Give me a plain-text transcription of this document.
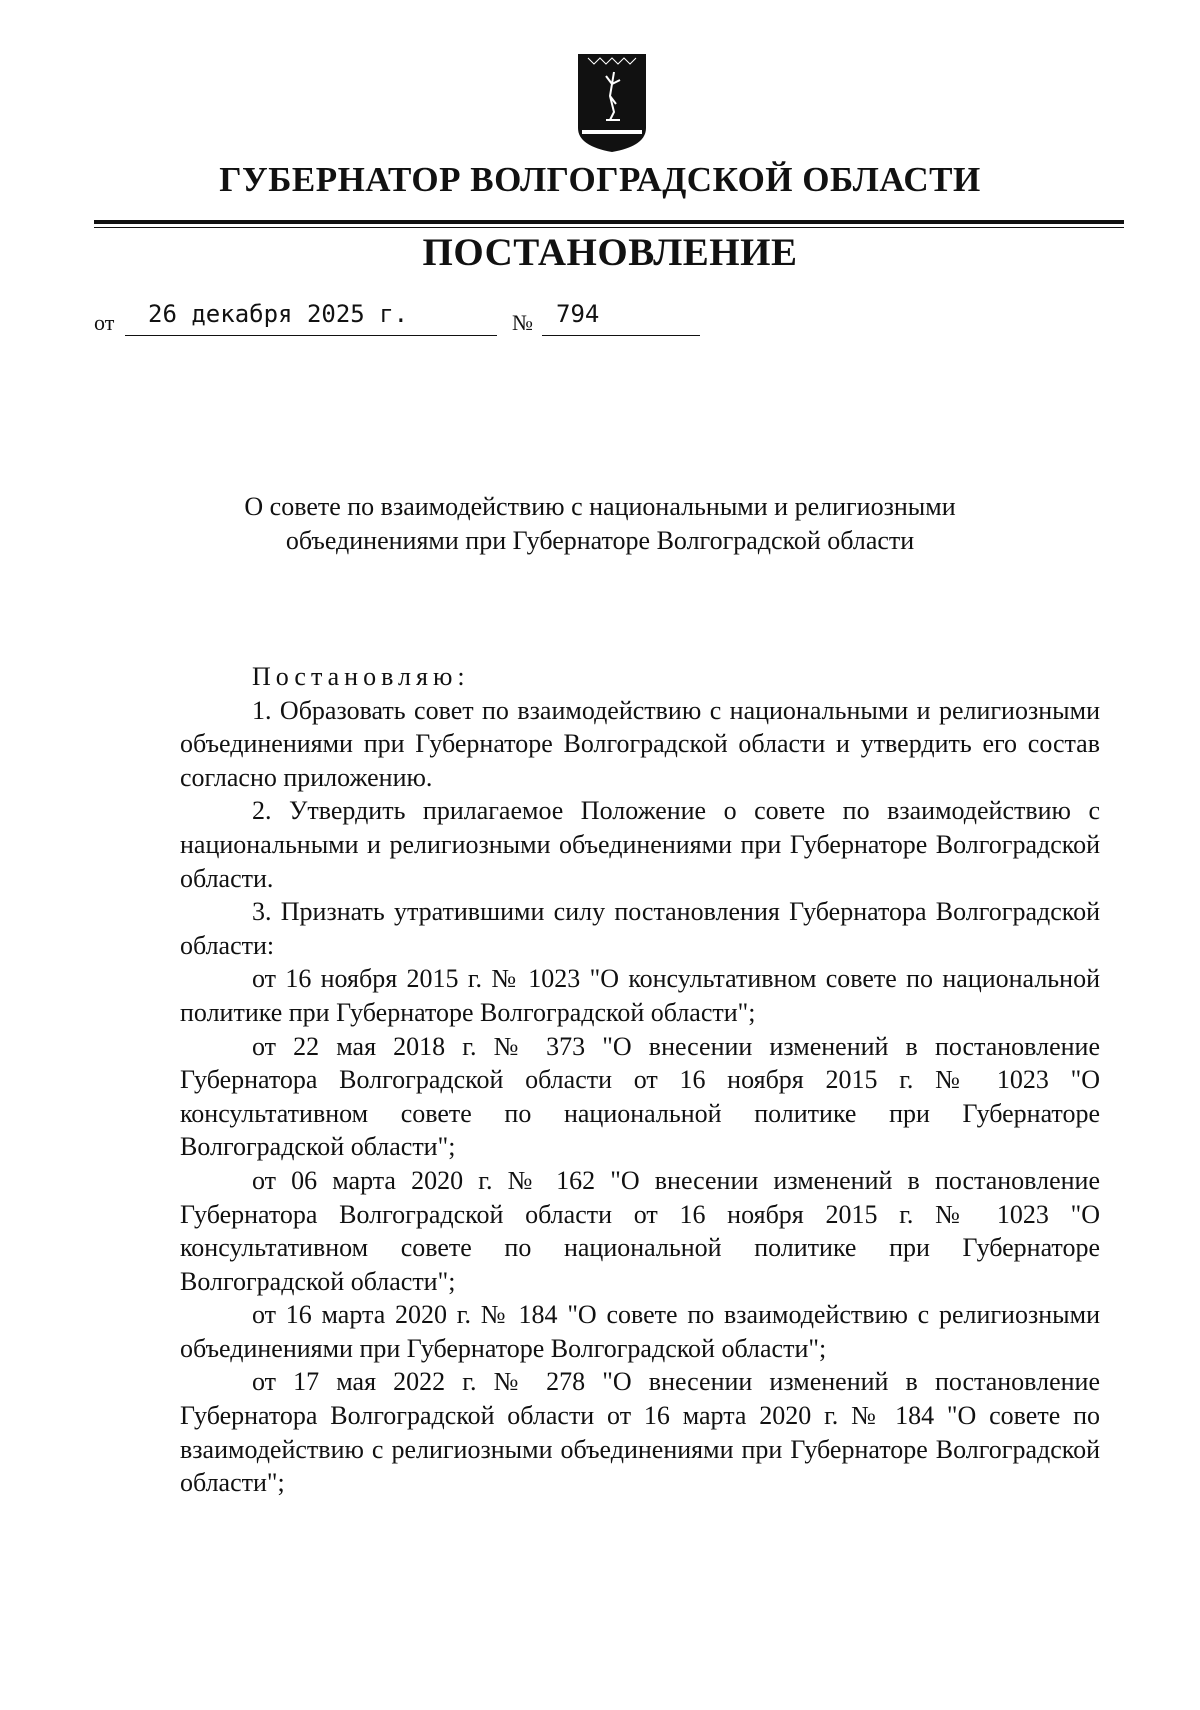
ГУБЕРНАТОР ВОЛГОГРАДСКОЙ ОБЛАСТИ
ПОСТАНОВЛЕНИЕ
от 26 декабря 2025 г.	№ 794
О совете по взаимодействию с национальными и религиозными
объединениями при Губернаторе Волгоградской области

Постановляю:

1. Образовать совет по взаимодействию с национальными и религиозными объединениями при Губернаторе Волгоградской области и утвердить его состав согласно приложению.

2. Утвердить прилагаемое Положение о совете по взаимодействию с национальными и религиозными объединениями при Губернаторе Волгоградской области.

3. Признать утратившими силу постановления Губернатора Волгоградской области:

от 16 ноября 2015 г. № 1023 "О консультативном совете по национальной политике при Губернаторе Волгоградской области";

от 22 мая 2018 г. № 373 "О внесении изменений в постановление Губернатора Волгоградской области от 16 ноября 2015 г. № 1023 "О консультативном совете по национальной политике при Губернаторе Волгоградской области";

от 06 марта 2020 г. № 162 "О внесении изменений в постановление Губернатора Волгоградской области от 16 ноября 2015 г. № 1023 "О консультативном совете по национальной политике при Губернаторе Волгоградской области";

от 16 марта 2020 г. № 184 "О совете по взаимодействию с религиозными объединениями при Губернаторе Волгоградской области";

от 17 мая 2022 г. № 278 "О внесении изменений в постановление Губернатора Волгоградской области от 16 марта 2020 г. № 184 "О совете по взаимодействию с религиозными объединениями при Губернаторе Волгоградской области";
